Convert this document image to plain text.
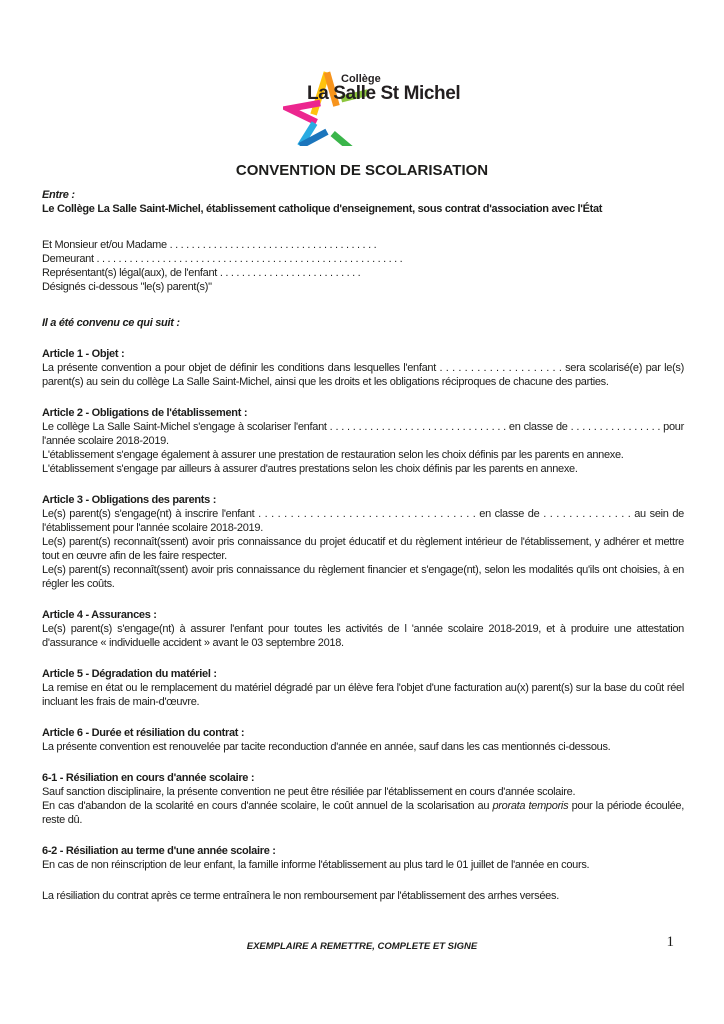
Collège
La Salle St Michel
CONVENTION DE SCOLARISATION
Entre :
Le Collège La Salle Saint-Michel, établissement catholique d'enseignement, sous contrat d'association avec l'État
Et Monsieur et/ou Madame . . . . . . . . . . . . . . . . . . . . . . . . . . . . . . . . . . . . . .
Demeurant . . . . . . . . . . . . . . . . . . . . . . . . . . . . . . . . . . . . . . . . . . . . . . . . . . . . . . . .
Représentant(s) légal(aux), de l'enfant . . . . . . . . . . . . . . . . . . . . . . . . . .
Désignés ci-dessous "le(s) parent(s)"
Il a été convenu ce qui suit :
Article 1 - Objet :

La présente convention a pour objet de définir les conditions dans lesquelles l'enfant . . . . . . . . . . . . . . . . . . . . sera scolarisé(e) par le(s) parent(s) au sein du collège La Salle Saint-Michel, ainsi que les droits et les obligations réciproques de chacune des parties.

Article 2 - Obligations de l'établissement :

Le collège La Salle Saint-Michel s'engage à scolariser l'enfant . . . . . . . . . . . . . . . . . . . . . . . . . . . . . . . en classe de . . . . . . . . . . . . . . . . pour l'année scolaire 2018-2019.

L'établissement s'engage également à assurer une prestation de restauration selon les choix définis par les parents en annexe.

L'établissement s'engage par ailleurs à assurer d'autres prestations selon les choix définis par les parents en annexe.

Article 3 - Obligations des parents :

Le(s) parent(s) s'engage(nt) à inscrire l'enfant . . . . . . . . . . . . . . . . . . . . . . . . . . . . . . . . . . en classe de . . . . . . . . . . . . . . au sein de l'établissement pour l'année scolaire 2018-2019.

Le(s) parent(s) reconnaît(ssent) avoir pris connaissance du projet éducatif et du règlement intérieur de l'établissement, y adhérer et mettre tout en œuvre afin de les faire respecter.

Le(s) parent(s) reconnaît(ssent) avoir pris connaissance du règlement financier et s'engage(nt), selon les modalités qu'ils ont choisies, à en régler les coûts.

Article 4 - Assurances :

Le(s) parent(s) s'engage(nt) à assurer l'enfant pour toutes les activités de l 'année scolaire 2018-2019, et à produire une attestation d'assurance « individuelle accident » avant le 03 septembre 2018.

Article 5 - Dégradation du matériel :

La remise en état ou le remplacement du matériel dégradé par un élève fera l'objet d'une facturation au(x) parent(s) sur la base du coût réel incluant les frais de main-d'œuvre.

Article 6 - Durée et résiliation du contrat :

La présente convention est renouvelée par tacite reconduction d'année en année, sauf dans les cas mentionnés ci-dessous.

6-1 - Résiliation en cours d'année scolaire :

Sauf sanction disciplinaire, la présente convention ne peut être résiliée par l'établissement en cours d'année scolaire.

En cas d'abandon de la scolarité en cours d'année scolaire, le coût annuel de la scolarisation au prorata temporis pour la période écoulée, reste dû.

6-2 - Résiliation au terme d'une année scolaire :

En cas de non réinscription de leur enfant, la famille informe l'établissement au plus tard le 01 juillet de l'année en cours.

La résiliation du contrat après ce terme entraînera le non remboursement par l'établissement des arrhes versées.

EXEMPLAIRE A REMETTRE, COMPLETE ET SIGNE	1
